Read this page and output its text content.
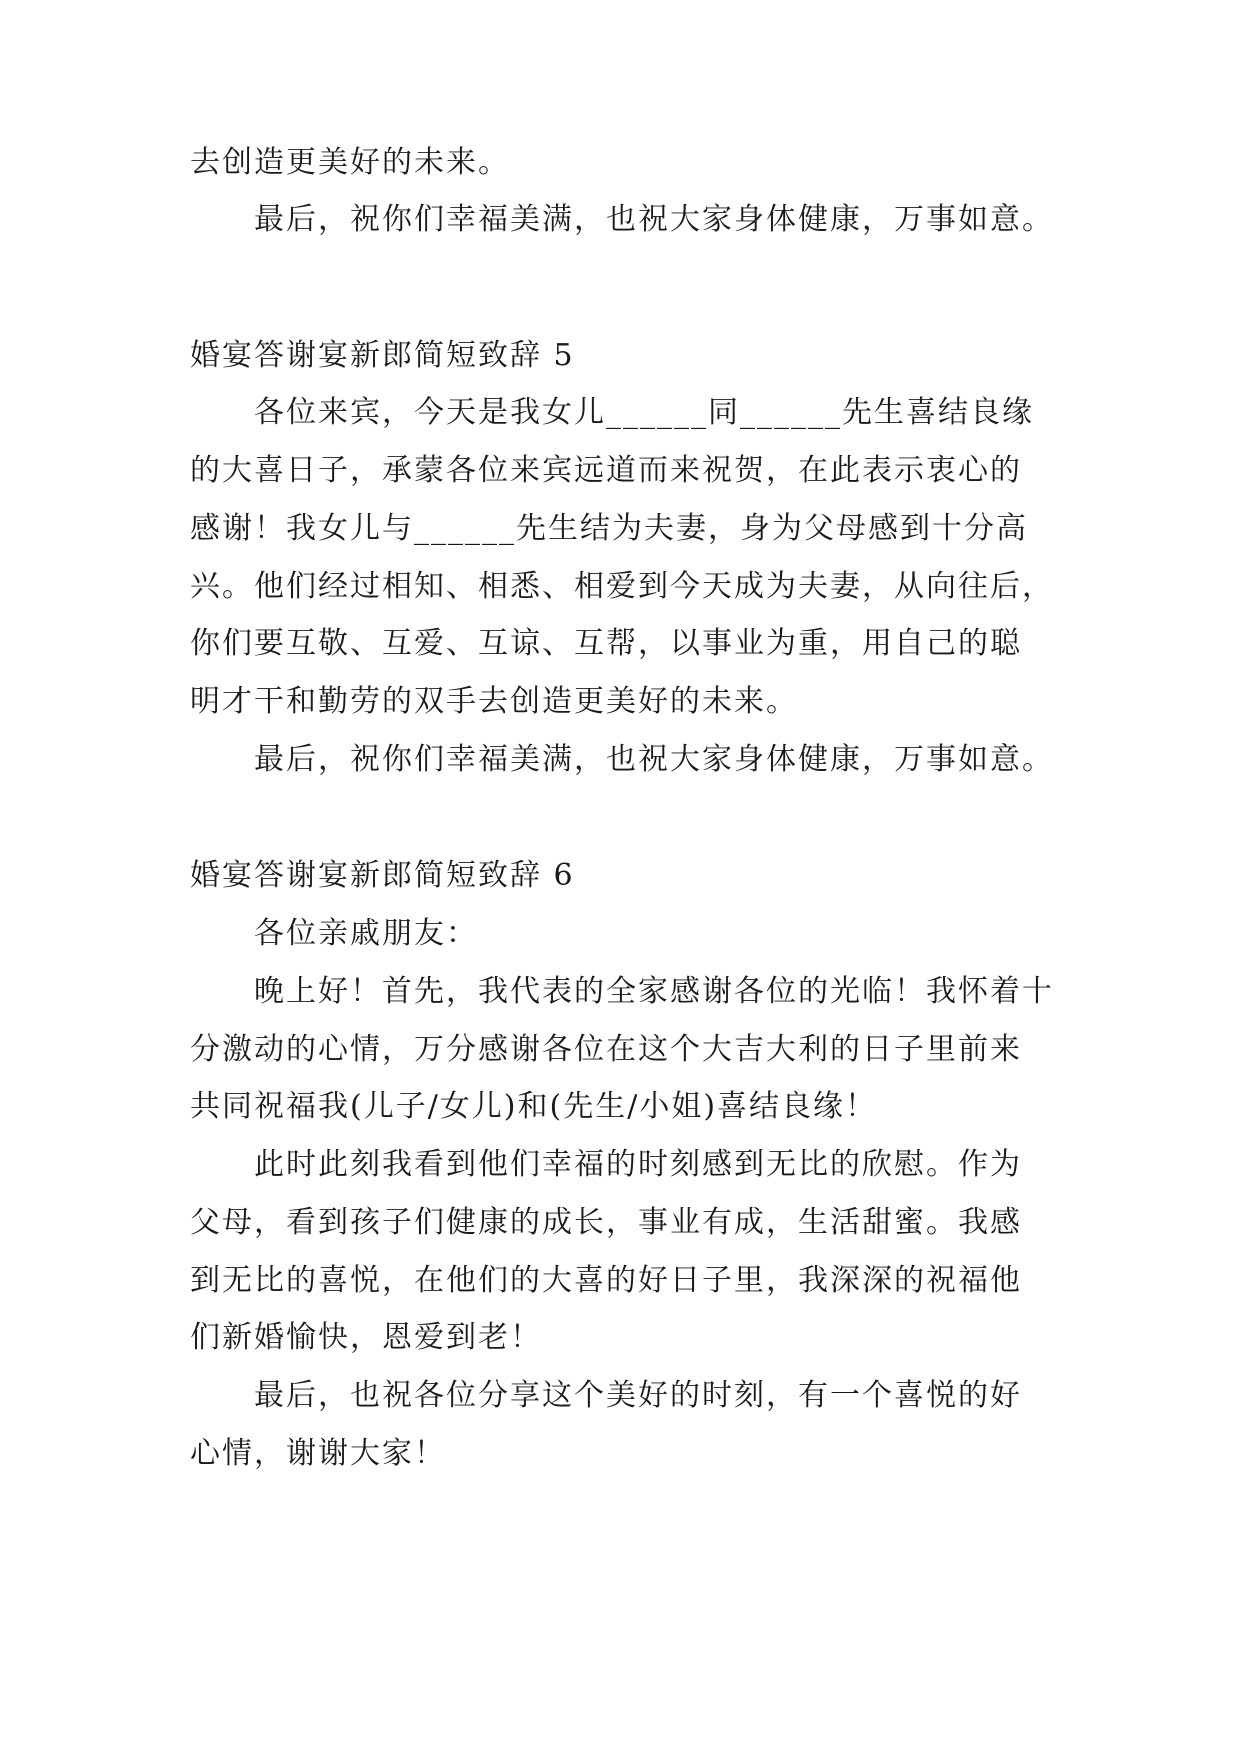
去创造更美好的未来。
最后，祝你们幸福美满，也祝大家身体健康，万事如意。
婚宴答谢宴新郎简短致辞 5
各位来宾，今天是我女儿______同______先生喜结良缘
的大喜日子，承蒙各位来宾远道而来祝贺，在此表示衷心的
感谢！我女儿与______先生结为夫妻，身为父母感到十分高
兴。他们经过相知、相悉、相爱到今天成为夫妻，从向往后，
你们要互敬、互爱、互谅、互帮，以事业为重，用自己的聪
明才干和勤劳的双手去创造更美好的未来。
最后，祝你们幸福美满，也祝大家身体健康，万事如意。
婚宴答谢宴新郎简短致辞 6
各位亲戚朋友：
晚上好！首先，我代表的全家感谢各位的光临！我怀着十
分激动的心情，万分感谢各位在这个大吉大利的日子里前来
共同祝福我(儿子/女儿)和(先生/小姐)喜结良缘！
此时此刻我看到他们幸福的时刻感到无比的欣慰。作为
父母，看到孩子们健康的成长，事业有成，生活甜蜜。我感
到无比的喜悦，在他们的大喜的好日子里，我深深的祝福他
们新婚愉快，恩爱到老！
最后，也祝各位分享这个美好的时刻，有一个喜悦的好
心情，谢谢大家！
